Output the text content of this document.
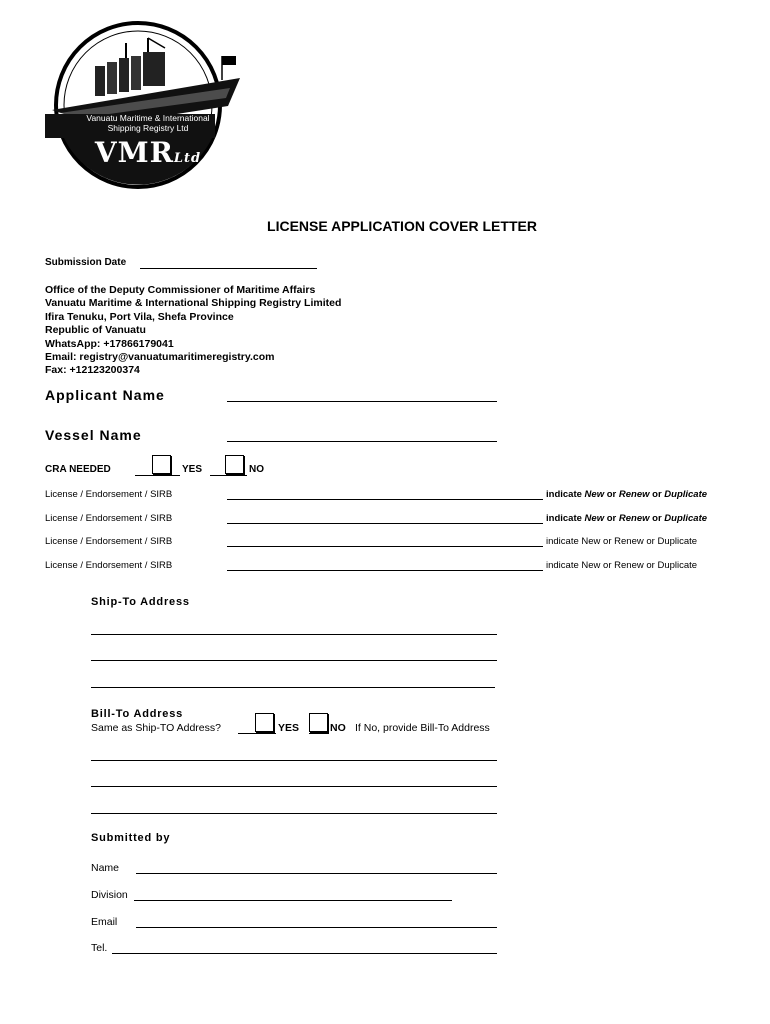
Vanuatu Maritime & International
Shipping Registry Ltd
VMRLtd
LICENSE APPLICATION COVER LETTER
Submission Date
Office of the Deputy Commissioner of Maritime Affairs
Vanuatu Maritime & International Shipping Registry Limited
Ifira Tenuku, Port Vila, Shefa Province
Republic of Vanuatu
WhatsApp: +17866179041
Email: registry@vanuatumaritimeregistry.com
Fax: +12123200374
Applicant Name
Vessel Name
CRA NEEDED	YES	NO
License / Endorsement / SIRB	indicate New or Renew or Duplicate
License / Endorsement / SIRB	indicate New or Renew or Duplicate
License / Endorsement / SIRB	indicate New or Renew or Duplicate
License / Endorsement / SIRB	indicate New or Renew or Duplicate
Ship-To Address
Bill-To Address
Same as Ship-TO Address?	YES	NO If No, provide Bill-To Address
Submitted by
Name
Division
Email
Tel.
